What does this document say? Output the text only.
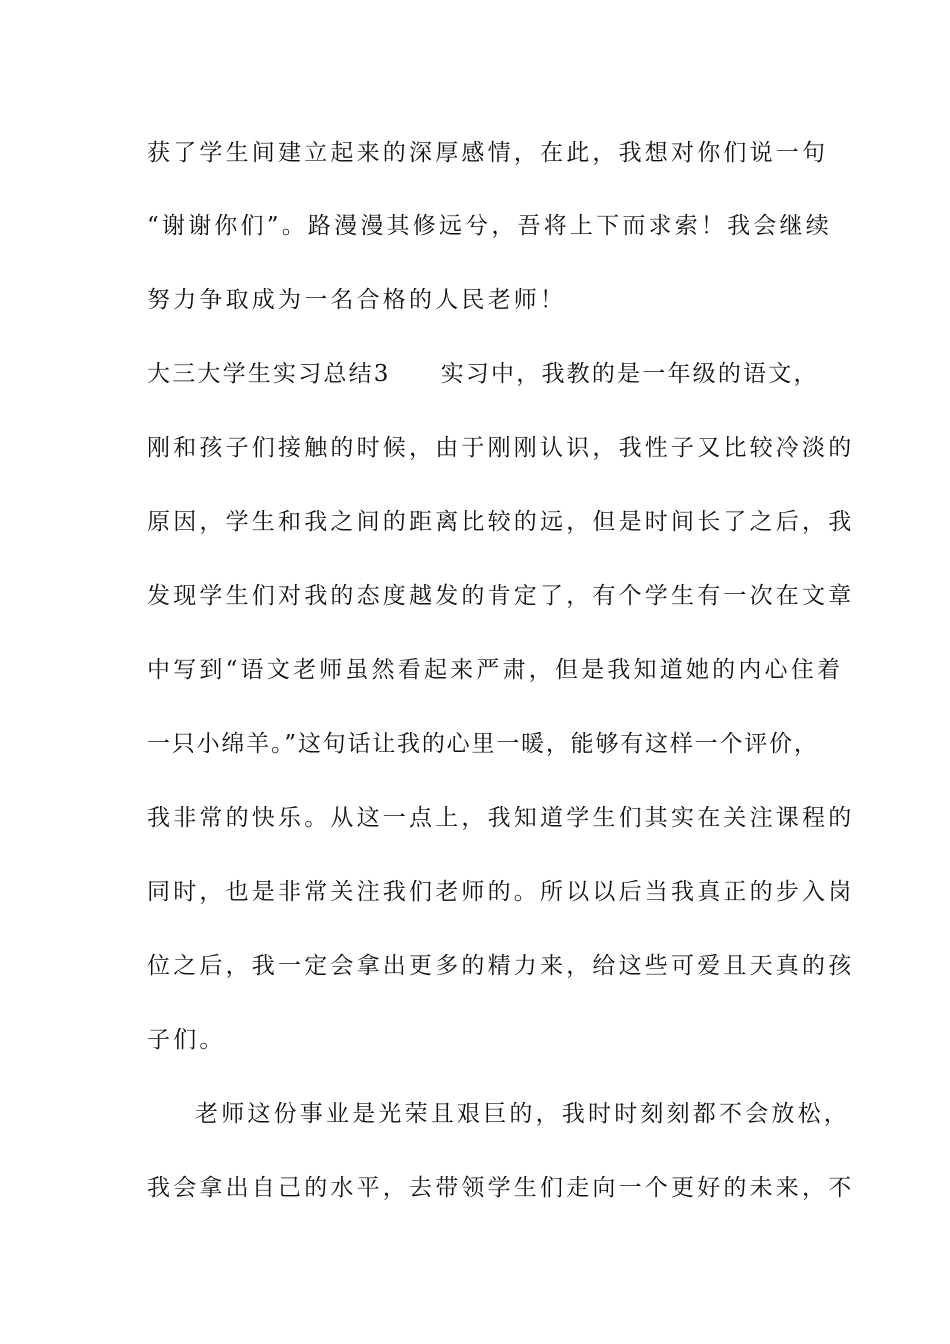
获了学生间建立起来的深厚感情，在此，我想对你们说一句
“谢谢你们”。路漫漫其修远兮，吾将上下而求索！我会继续
努力争取成为一名合格的人民老师！
大三大学生实习总结3 实习中，我教的是一年级的语文，
刚和孩子们接触的时候，由于刚刚认识，我性子又比较冷淡的
原因，学生和我之间的距离比较的远，但是时间长了之后，我
发现学生们对我的态度越发的肯定了，有个学生有一次在文章
中写到“语文老师虽然看起来严肃，但是我知道她的内心住着
一只小绵羊。”这句话让我的心里一暖，能够有这样一个评价，
我非常的快乐。从这一点上，我知道学生们其实在关注课程的
同时，也是非常关注我们老师的。所以以后当我真正的步入岗
位之后，我一定会拿出更多的精力来，给这些可爱且天真的孩
子们。
老师这份事业是光荣且艰巨的，我时时刻刻都不会放松，
我会拿出自己的水平，去带领学生们走向一个更好的未来，不
